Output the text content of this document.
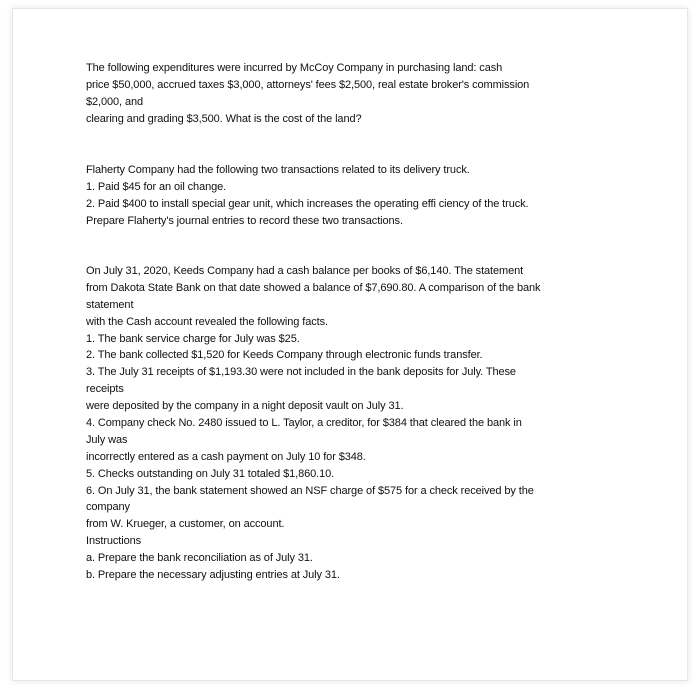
The following expenditures were incurred by McCoy Company in purchasing land: cash
price $50,000, accrued taxes $3,000, attorneys' fees $2,500, real estate broker's commission
$2,000, and
clearing and grading $3,500. What is the cost of the land?
Flaherty Company had the following two transactions related to its delivery truck.
1. Paid $45 for an oil change.
2. Paid $400 to install special gear unit, which increases the operating effi ciency of the truck.
Prepare Flaherty's journal entries to record these two transactions.
On July 31, 2020, Keeds Company had a cash balance per books of $6,140. The statement
from Dakota State Bank on that date showed a balance of $7,690.80. A comparison of the bank
statement
with the Cash account revealed the following facts.
1. The bank service charge for July was $25.
2. The bank collected $1,520 for Keeds Company through electronic funds transfer.
3. The July 31 receipts of $1,193.30 were not included in the bank deposits for July. These
receipts
were deposited by the company in a night deposit vault on July 31.
4. Company check No. 2480 issued to L. Taylor, a creditor, for $384 that cleared the bank in
July was
incorrectly entered as a cash payment on July 10 for $348.
5. Checks outstanding on July 31 totaled $1,860.10.
6. On July 31, the bank statement showed an NSF charge of $575 for a check received by the
company
from W. Krueger, a customer, on account.
Instructions
a. Prepare the bank reconciliation as of July 31.
b. Prepare the necessary adjusting entries at July 31.
